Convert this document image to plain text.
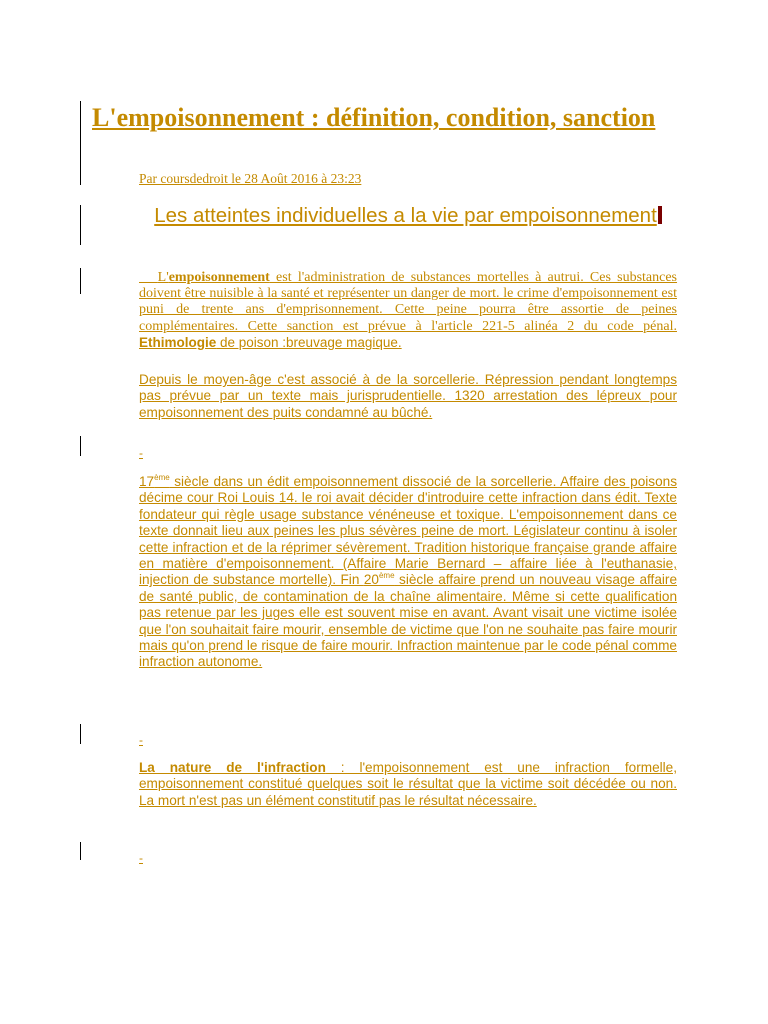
L'empoisonnement : définition, condition, sanction
Par coursdedroit le 28 Août 2016 à 23:23
Les atteintes individuelles a la vie par empoisonnement

L'empoisonnement est l'administration de substances mortelles à autrui. Ces substances doivent être nuisible à la santé et représenter un danger de mort. le crime d'empoisonnement est puni de trente ans d'emprisonnement. Cette peine pourra être assortie de peines complémentaires. Cette sanction est prévue à l'article 221-5 alinéa 2 du code pénal. Ethimologie de poison :breuvage magique.

Depuis le moyen-âge c'est associé à de la sorcellerie. Répression pendant longtemps pas prévue par un texte mais jurisprudentielle. 1320 arrestation des lépreux pour empoisonnement des puits condamné au bûché.

-

17ème siècle dans un édit empoisonnement dissocié de la sorcellerie. Affaire des poisons décime cour Roi Louis 14. le roi avait décider d'introduire cette infraction dans édit. Texte fondateur qui règle usage substance vénéneuse et toxique. L'empoisonnement dans ce texte donnait lieu aux peines les plus sévères peine de mort. Législateur continu à isoler cette infraction et de la réprimer sévèrement. Tradition historique française grande affaire en matière d'empoisonnement. (Affaire Marie Bernard – affaire liée à l'euthanasie, injection de substance mortelle). Fin 20ème siècle affaire prend un nouveau visage affaire de santé public, de contamination de la chaîne alimentaire. Même si cette qualification pas retenue par les juges elle est souvent mise en avant. Avant visait une victime isolée que l'on souhaitait faire mourir, ensemble de victime que l'on ne souhaite pas faire mourir mais qu'on prend le risque de faire mourir. Infraction maintenue par le code pénal comme infraction autonome.

-

La nature de l'infraction : l'empoisonnement est une infraction formelle, empoisonnement constitué quelques soit le résultat que la victime soit décédée ou non. La mort n'est pas un élément constitutif pas le résultat nécessaire.

-
